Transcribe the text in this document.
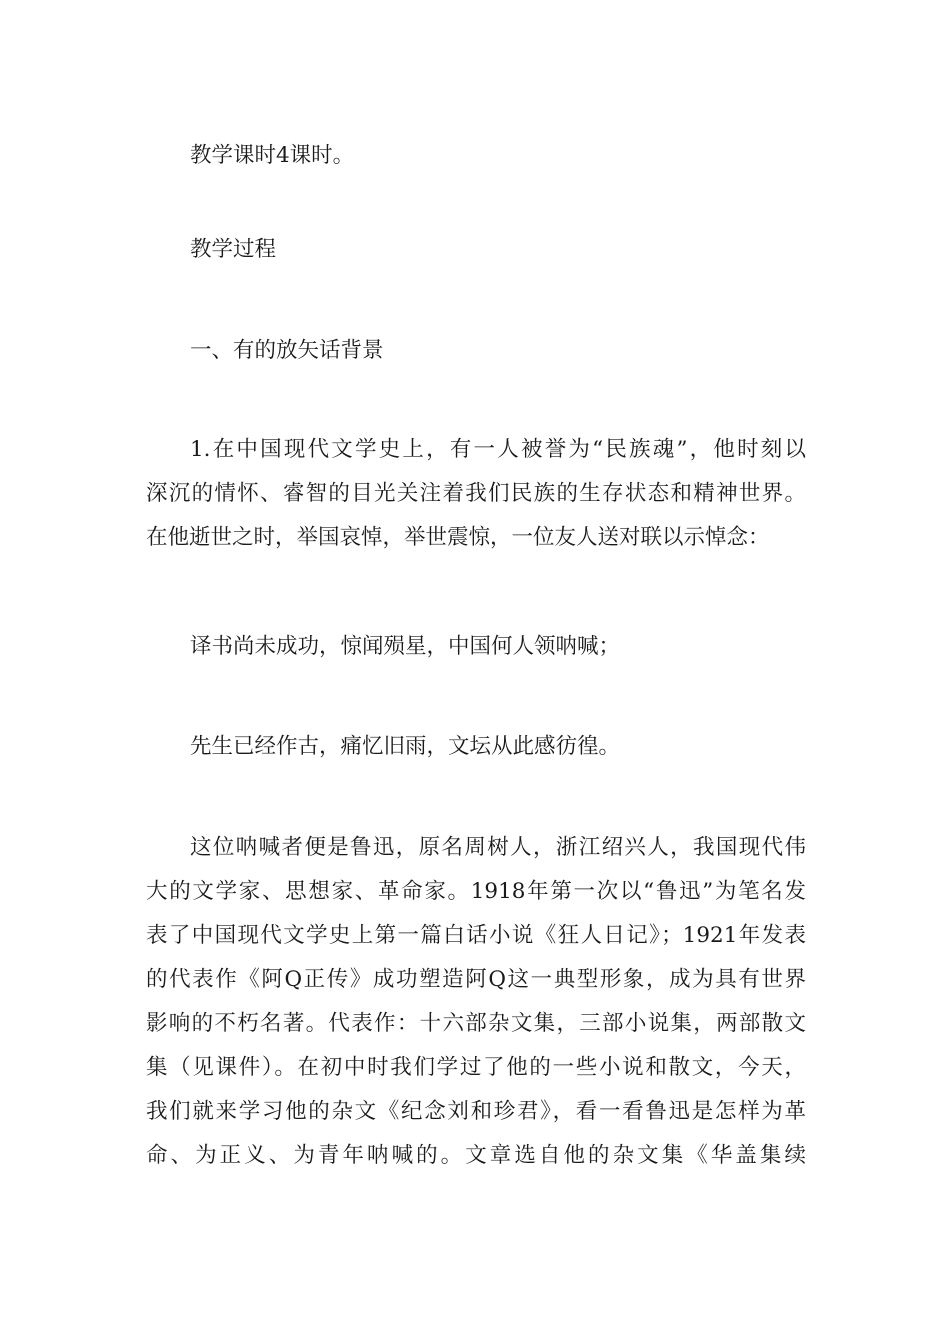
教学课时4课时。

教学过程

一、有的放矢话背景

1.在中国现代文学史上，有一人被誉为“民族魂”，他时刻以
深沉的情怀、睿智的目光关注着我们民族的生存状态和精神世界。
在他逝世之时，举国哀悼，举世震惊，一位友人送对联以示悼念：

译书尚未成功，惊闻殒星，中国何人领呐喊；

先生已经作古，痛忆旧雨，文坛从此感彷徨。

这位呐喊者便是鲁迅，原名周树人，浙江绍兴人，我国现代伟
大的文学家、思想家、革命家。1918年第一次以“鲁迅”为笔名发
表了中国现代文学史上第一篇白话小说《狂人日记》；1921年发表
的代表作《阿Q正传》成功塑造阿Q这一典型形象，成为具有世界
影响的不朽名著。代表作：十六部杂文集，三部小说集，两部散文
集（见课件）。在初中时我们学过了他的一些小说和散文，今天，
我们就来学习他的杂文《纪念刘和珍君》，看一看鲁迅是怎样为革
命、为正义、为青年呐喊的。文章选自他的杂文集《华盖集续
